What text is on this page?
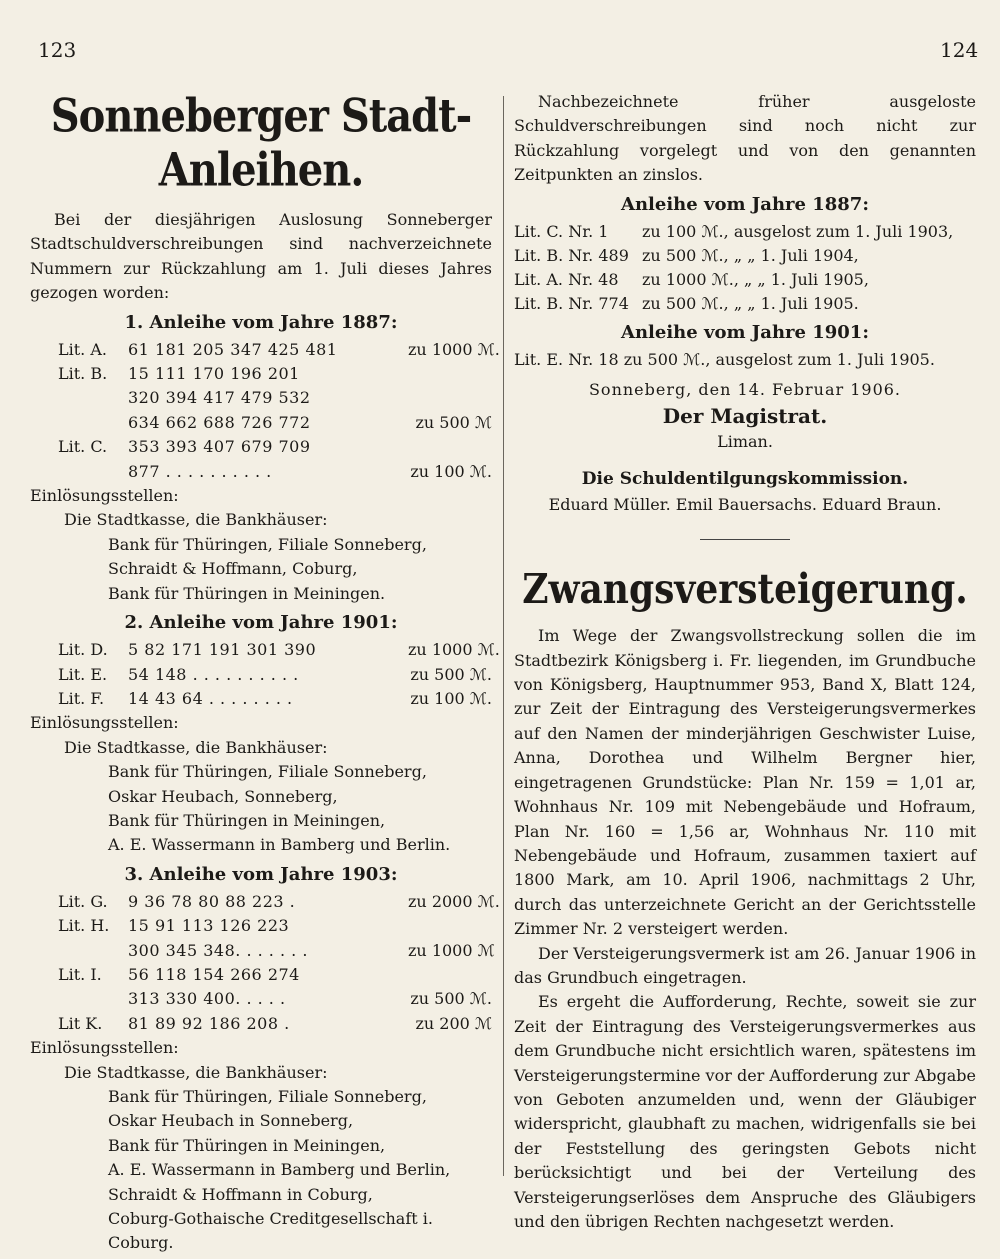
123	124
Sonneberger Stadt-Anleihen.

Bei der diesjährigen Auslosung Sonneberger Stadtschuldverschreibungen sind nachverzeichnete Nummern zur Rückzahlung am 1. Juli dieses Jahres gezogen worden:

1. Anleihe vom Jahre 1887:
Lit. A.	61 181 205 347 425 481	zu 1000 ℳ.
Lit. B.	15 111 170 196 201
320 394 417 479 532
634 662 688 726 772	zu 500 ℳ
Lit. C.	353 393 407 679 709
877 . . . . . . . . . .	zu 100 ℳ.
Einlösungsstellen:
Die Stadtkasse, die Bankhäuser:
Bank für Thüringen, Filiale Sonneberg,
Schraidt & Hoffmann, Coburg,
Bank für Thüringen in Meiningen.
2. Anleihe vom Jahre 1901:
Lit. D.	5 82 171 191 301 390	zu 1000 ℳ.
Lit. E.	54 148 . . . . . . . . . .	zu 500 ℳ.
Lit. F.	14 43 64 . . . . . . . .	zu 100 ℳ.
Einlösungsstellen:
Die Stadtkasse, die Bankhäuser:
Bank für Thüringen, Filiale Sonneberg,
Oskar Heubach, Sonneberg,
Bank für Thüringen in Meiningen,
A. E. Wassermann in Bamberg und Berlin.
3. Anleihe vom Jahre 1903:
Lit. G.	9 36 78 80 88 223 .	zu 2000 ℳ.
Lit. H.	15 91 113 126 223
300 345 348. . . . . . .	zu 1000 ℳ
Lit. I.	56 118 154 266 274
313 330 400. . . . .	zu 500 ℳ.
Lit K.	81 89 92 186 208 .	zu 200 ℳ
Einlösungsstellen:
Die Stadtkasse, die Bankhäuser:
Bank für Thüringen, Filiale Sonneberg,
Oskar Heubach in Sonneberg,
Bank für Thüringen in Meiningen,
A. E. Wassermann in Bamberg und Berlin,
Schraidt & Hoffmann in Coburg,
Coburg-Gothaische Creditgesellschaft i. Coburg.

Nachbezeichnete früher ausgeloste Schuldverschreibungen sind noch nicht zur Rückzahlung vorgelegt und von den genannten Zeitpunkten an zinslos.

Anleihe vom Jahre 1887:
Lit. C. Nr. 1	zu 100 ℳ. , ausgelost zum 1. Juli 1903,
Lit. B. Nr. 489 zu 500 ℳ. , „ „ 1. Juli 1904,
Lit. A. Nr. 48	zu 1000 ℳ. , „ „ 1. Juli 1905,
Lit. B. Nr. 774 zu 500 ℳ. , „ „ 1. Juli 1905.
Anleihe vom Jahre 1901:
Lit. E. Nr. 18 zu 500 ℳ., ausgelost zum 1. Juli 1905.
Sonneberg, den 14. Februar 1906.
Der Magistrat.
Liman.
Die Schuldentilgungskommission.
Eduard Müller. Emil Bauersachs. Eduard Braun.
Zwangsversteigerung.

Im Wege der Zwangsvollstreckung sollen die im Stadtbezirk Königsberg i. Fr. liegenden, im Grundbuche von Königsberg, Hauptnummer 953, Band X, Blatt 124, zur Zeit der Eintragung des Versteigerungsvermerkes auf den Namen der minderjährigen Geschwister Luise, Anna, Dorothea und Wilhelm Bergner hier, eingetragenen Grundstücke: Plan Nr. 159 = 1,01 ar, Wohnhaus Nr. 109 mit Nebengebäude und Hofraum, Plan Nr. 160 = 1,56 ar, Wohnhaus Nr. 110 mit Nebengebäude und Hofraum, zusammen taxiert auf 1800 Mark, am 10. April 1906, nachmittags 2 Uhr, durch das unterzeichnete Gericht an der Gerichtsstelle Zimmer Nr. 2 versteigert werden.

Der Versteigerungsvermerk ist am 26. Januar 1906 in das Grundbuch eingetragen.

Es ergeht die Aufforderung, Rechte, soweit sie zur Zeit der Eintragung des Versteigerungsvermerkes aus dem Grundbuche nicht ersichtlich waren, spätestens im Versteigerungstermine vor der Aufforderung zur Abgabe von Geboten anzumelden und, wenn der Gläubiger widerspricht, glaubhaft zu machen, widrigenfalls sie bei der Feststellung des geringsten Gebots nicht berücksichtigt und bei der Verteilung des Versteigerungserlöses dem Anspruche des Gläubigers und den übrigen Rechten nachgesetzt werden.
